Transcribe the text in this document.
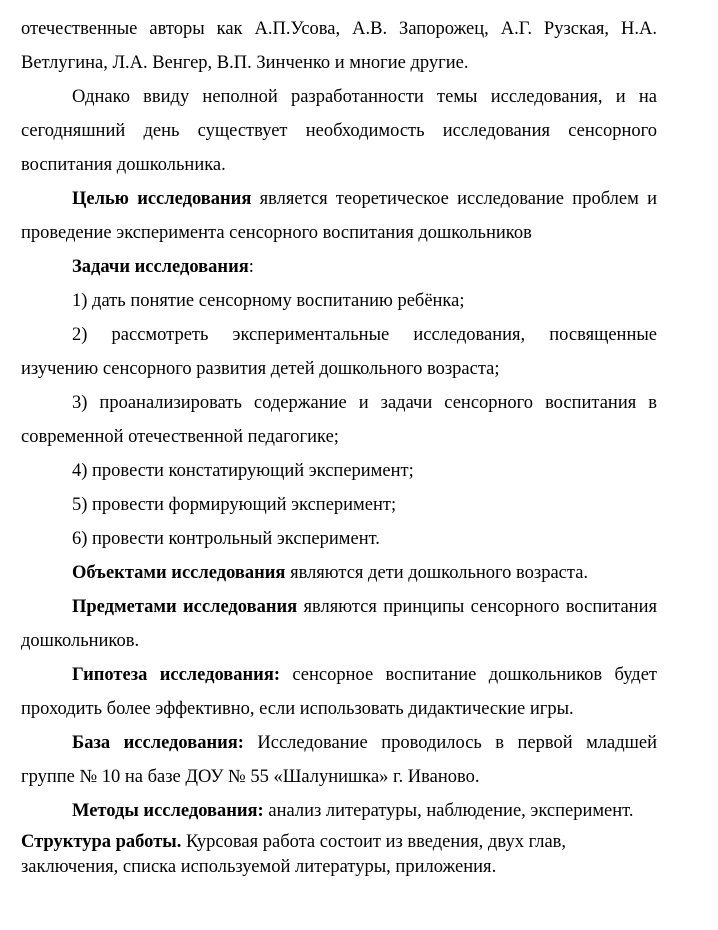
отечественные авторы как А.П.Усова, А.В. Запорожец, А.Г. Рузская, Н.А. Ветлугина, Л.А. Венгер, В.П. Зинченко и многие другие.

Однако ввиду неполной разработанности темы исследования, и на сегодняшний день существует необходимость исследования сенсорного воспитания дошкольника.

Целью исследования является теоретическое исследование проблем и проведение эксперимента сенсорного воспитания дошкольников

Задачи исследования:

1) дать понятие сенсорному воспитанию ребёнка;

2) рассмотреть экспериментальные исследования, посвященные изучению сенсорного развития детей дошкольного возраста;

3) проанализировать содержание и задачи сенсорного воспитания в современной отечественной педагогике;

4) провести констатирующий эксперимент;

5) провести формирующий эксперимент;

6) провести контрольный эксперимент.

Объектами исследования являются дети дошкольного возраста.

Предметами исследования являются принципы сенсорного воспитания дошкольников.

Гипотеза исследования: сенсорное воспитание дошкольников будет проходить более эффективно, если использовать дидактические игры.

База исследования: Исследование проводилось в первой младшей группе № 10 на базе ДОУ № 55 «Шалунишка» г. Иваново.

Методы исследования: анализ литературы, наблюдение, эксперимент.

Структура работы. Курсовая работа состоит из введения, двух глав, заключения, списка используемой литературы, приложения.
